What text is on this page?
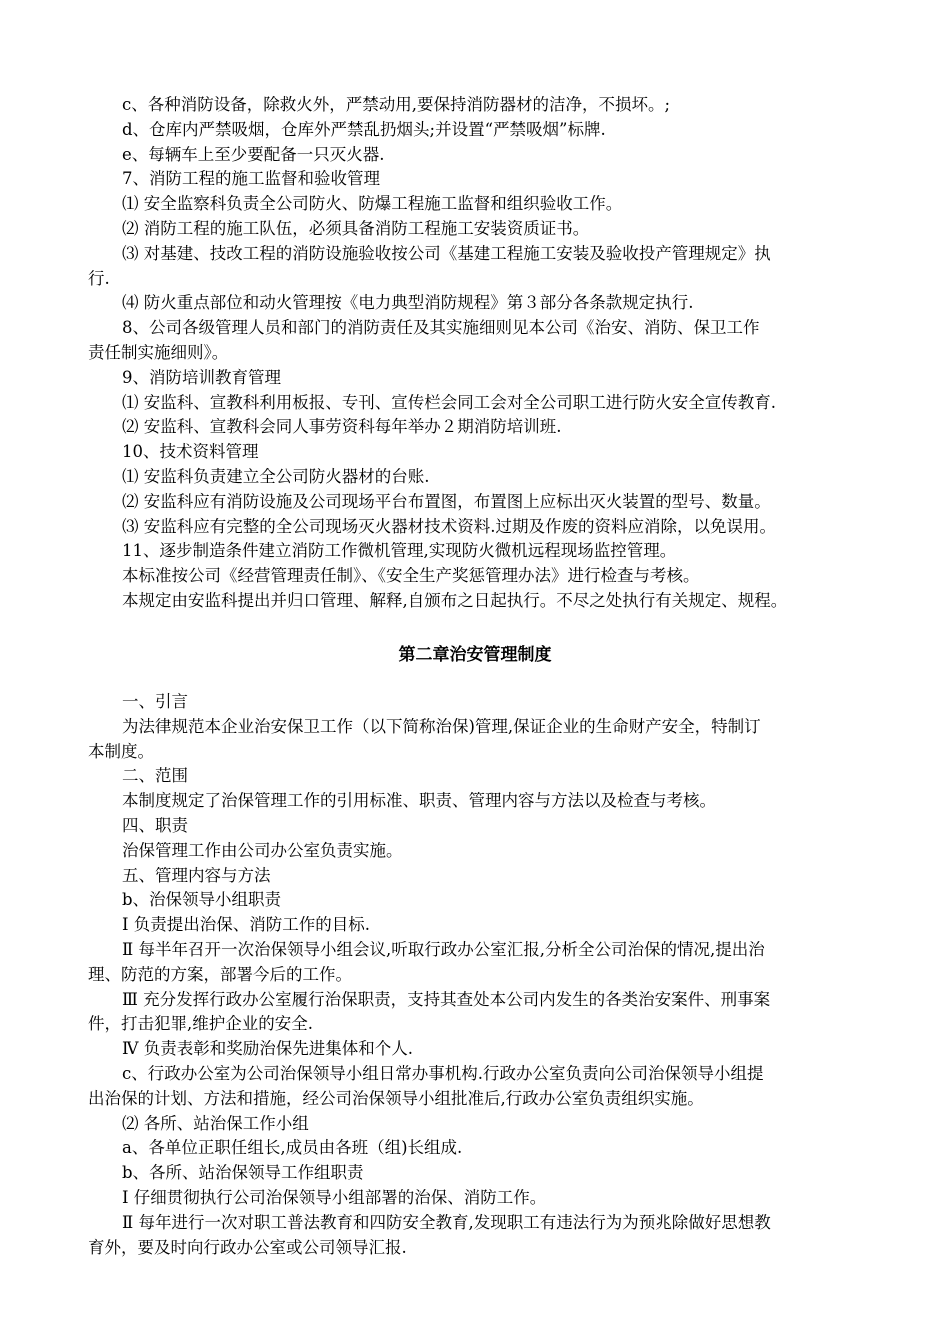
c、各种消防设备，除救火外，严禁动用,要保持消防器材的洁净，不损坏。;
d、仓库内严禁吸烟，仓库外严禁乱扔烟头;并设置“严禁吸烟”标牌.
e、每辆车上至少要配备一只灭火器.
7、消防工程的施工监督和验收管理
⑴ 安全监察科负责全公司防火、防爆工程施工监督和组织验收工作。
⑵ 消防工程的施工队伍，必须具备消防工程施工安装资质证书。
⑶ 对基建、技改工程的消防设施验收按公司《基建工程施工安装及验收投产管理规定》执
行.
⑷ 防火重点部位和动火管理按《电力典型消防规程》第３部分各条款规定执行.
8、公司各级管理人员和部门的消防责任及其实施细则见本公司《治安、消防、保卫工作
责任制实施细则》。
9、消防培训教育管理
⑴ 安监科、宣教科利用板报、专刊、宣传栏会同工会对全公司职工进行防火安全宣传教育.
⑵ 安监科、宣教科会同人事劳资科每年举办２期消防培训班.
10、技术资料管理
⑴ 安监科负责建立全公司防火器材的台账.
⑵ 安监科应有消防设施及公司现场平台布置图，布置图上应标出灭火装置的型号、数量。
⑶ 安监科应有完整的全公司现场灭火器材技术资料.过期及作废的资料应消除，以免误用。
11、逐步制造条件建立消防工作微机管理,实现防火微机远程现场监控管理。
本标准按公司《经营管理责任制》、《安全生产奖惩管理办法》进行检查与考核。
本规定由安监科提出并归口管理、解释,自颁布之日起执行。不尽之处执行有关规定、规程。
第二章治安管理制度
一、引言
为法律规范本企业治安保卫工作（以下简称治保)管理,保证企业的生命财产安全，特制订
本制度。
二、范围
本制度规定了治保管理工作的引用标准、职责、管理内容与方法以及检查与考核。
四、职责
治保管理工作由公司办公室负责实施。
五、管理内容与方法
b、治保领导小组职责
Ⅰ 负责提出治保、消防工作的目标.
Ⅱ 每半年召开一次治保领导小组会议,听取行政办公室汇报,分析全公司治保的情况,提出治
理、防范的方案，部署今后的工作。
Ⅲ 充分发挥行政办公室履行治保职责，支持其查处本公司内发生的各类治安案件、刑事案
件，打击犯罪,维护企业的安全.
Ⅳ 负责表彰和奖励治保先进集体和个人.
c、行政办公室为公司治保领导小组日常办事机构.行政办公室负责向公司治保领导小组提
出治保的计划、方法和措施，经公司治保领导小组批准后,行政办公室负责组织实施。
⑵ 各所、站治保工作小组
a、各单位正职任组长,成员由各班（组)长组成.
b、各所、站治保领导工作组职责
Ⅰ 仔细贯彻执行公司治保领导小组部署的治保、消防工作。
Ⅱ 每年进行一次对职工普法教育和四防安全教育,发现职工有违法行为为预兆除做好思想教
育外，要及时向行政办公室或公司领导汇报.
